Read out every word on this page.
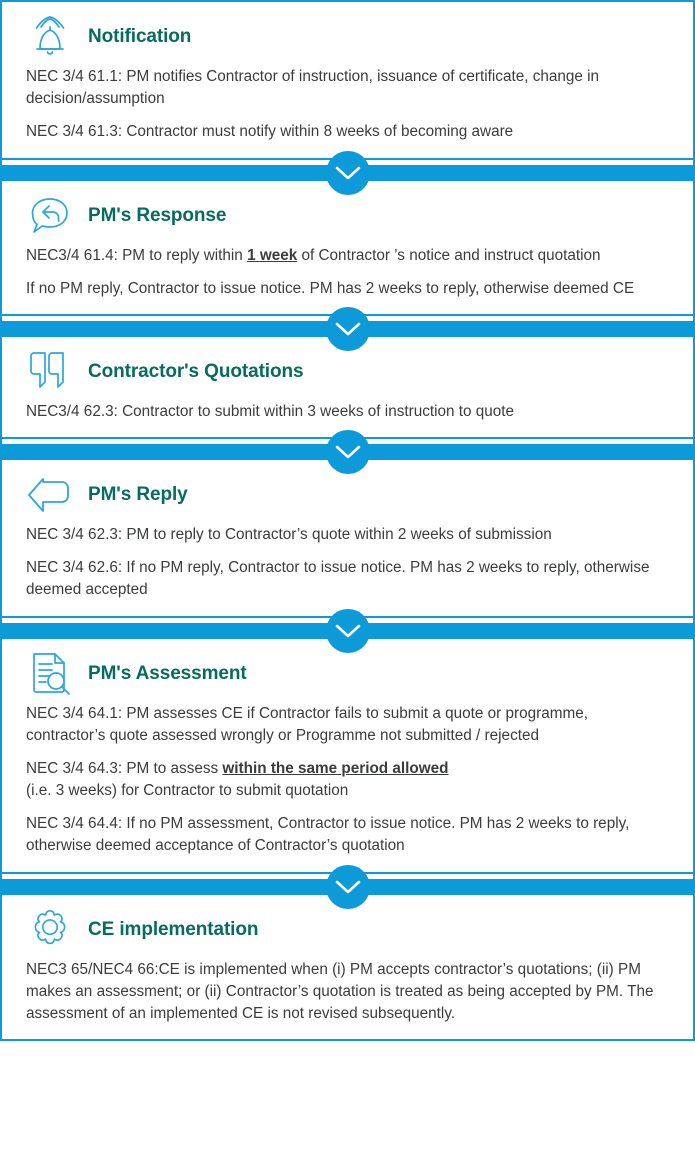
Notification

NEC 3/4 61.1: PM notifies Contractor of instruction, issuance of certificate, change in decision/assumption

NEC 3/4 61.3: Contractor must notify within 8 weeks of becoming aware

PM's Response

NEC3/4 61.4: PM to reply within 1 week of Contractor ’s notice and instruct quotation

If no PM reply, Contractor to issue notice. PM has 2 weeks to reply, otherwise deemed CE

Contractor's Quotations

NEC3/4 62.3: Contractor to submit within 3 weeks of instruction to quote

PM's Reply

NEC 3/4 62.3: PM to reply to Contractor’s quote within 2 weeks of submission

NEC 3/4 62.6: If no PM reply, Contractor to issue notice. PM has 2 weeks to reply, otherwise deemed accepted

PM's Assessment

NEC 3/4 64.1: PM assesses CE if Contractor fails to submit a quote or programme, contractor’s quote assessed wrongly or Programme not submitted / rejected

NEC 3/4 64.3: PM to assess within the same period allowed
(i.e. 3 weeks) for Contractor to submit quotation

NEC 3/4 64.4: If no PM assessment, Contractor to issue notice. PM has 2 weeks to reply, otherwise deemed acceptance of Contractor’s quotation

CE implementation

NEC3 65/NEC4 66:CE is implemented when (i) PM accepts contractor’s quotations; (ii) PM makes an assessment; or (ii) Contractor’s quotation is treated as being accepted by PM. The assessment of an implemented CE is not revised subsequently.
